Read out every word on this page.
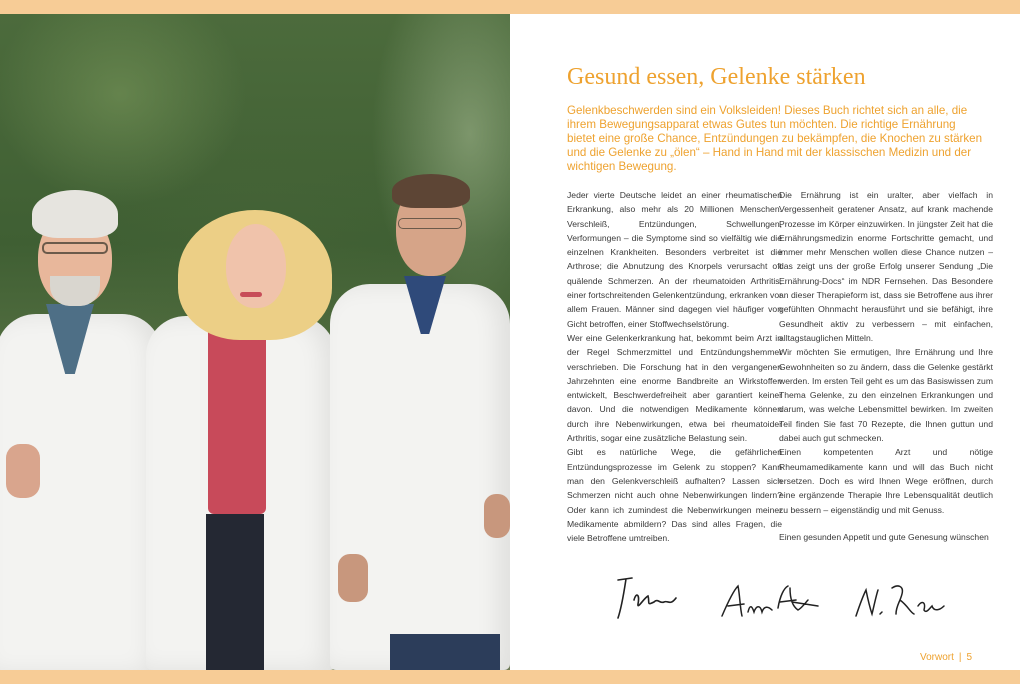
Gesund essen, Gelenke stärken

Gelenkbeschwerden sind ein Volksleiden! Dieses Buch richtet sich an alle, die ihrem Bewegungsapparat etwas Gutes tun möchten. Die richtige Ernährung bietet eine große Chance, Entzündungen zu bekämpfen, die Knochen zu stärken und die Gelenke zu „ölen“ – Hand in Hand mit der klassischen Medizin und der wichtigen Bewegung.

Jeder vierte Deutsche leidet an einer rheumatischen Erkrankung, also mehr als 20 Millionen Menschen. Verschleiß, Entzündungen, Schwellungen, Verformungen – die Symptome sind so vielfältig wie die einzelnen Krankheiten. Besonders verbreitet ist die Arthrose; die Abnutzung des Knorpels verursacht oft quälende Schmerzen. An der rheumatoiden Arthritis, einer fortschreitenden Gelenkentzündung, erkranken vor allem Frauen. Männer sind dagegen viel häufiger von Gicht betroffen, einer Stoffwechselstörung.

Wer eine Gelenkerkrankung hat, bekommt beim Arzt in der Regel Schmerzmittel und Entzündungshemmer verschrieben. Die Forschung hat in den vergangenen Jahrzehnten eine enorme Bandbreite an Wirkstoffen entwickelt, Beschwerdefreiheit aber garantiert keiner davon. Und die notwendigen Medikamente können durch ihre Nebenwirkungen, etwa bei rheumatoider Arthritis, sogar eine zusätzliche Belastung sein.

Gibt es natürliche Wege, die gefährlichen Entzündungsprozesse im Gelenk zu stoppen? Kann man den Gelenkverschleiß aufhalten? Lassen sich Schmerzen nicht auch ohne Nebenwirkungen lindern? Oder kann ich zumindest die Nebenwirkungen meiner Medikamente abmildern? Das sind alles Fragen, die viele Betroffene umtreiben.

Die Ernährung ist ein uralter, aber vielfach in Vergessenheit geratener Ansatz, auf krank machende Prozesse im Körper einzuwirken. In jüngster Zeit hat die Ernährungsmedizin enorme Fortschritte gemacht, und immer mehr Menschen wollen diese Chance nutzen – das zeigt uns der große Erfolg unserer Sendung „Die Ernährung-Docs“ im NDR Fernsehen. Das Besondere an dieser Therapieform ist, dass sie Betroffene aus ihrer gefühlten Ohnmacht herausführt und sie befähigt, ihre Gesundheit aktiv zu verbessern – mit einfachen, alltagstauglichen Mitteln.

Wir möchten Sie ermutigen, Ihre Ernährung und Ihre Gewohnheiten so zu ändern, dass die Gelenke gestärkt werden. Im ersten Teil geht es um das Basiswissen zum Thema Gelenke, zu den einzelnen Erkrankungen und darum, was welche Lebensmittel bewirken. Im zweiten Teil finden Sie fast 70 Rezepte, die Ihnen guttun und dabei auch gut schmecken.

Einen kompetenten Arzt und nötige Rheumamedikamente kann und will das Buch nicht ersetzen. Doch es wird Ihnen Wege eröffnen, durch eine ergänzende Therapie Ihre Lebensqualität deutlich zu bessern – eigenständig und mit Genuss.

Einen gesunden Appetit und gute Genesung wünschen

Vorwort | 5
